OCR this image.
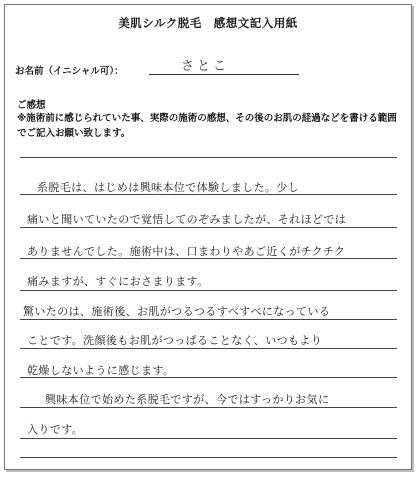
美肌シルク脱毛　感想文記入用紙
お名前（イニシャル可）：	さとこ
ご感想
※施術前に感じられていた事、実際の施術の感想、その後のお肌の経過などを書ける範囲でご記入お願い致します。
系脱毛は、はじめは興味本位で体験しました。少し
痛いと聞いていたので覚悟してのぞみましたが、それほどでは
ありませんでした。施術中は、口まわりやあご近くがチクチク
痛みますが、すぐにおさまります。
驚いたのは、施術後、お肌がつるつるすべすべになっている
ことです。洗顔後もお肌がつっぱることなく、いつもより
乾燥しないように感じます。
興味本位で始めた系脱毛ですが、今ではすっかりお気に
入りです。
